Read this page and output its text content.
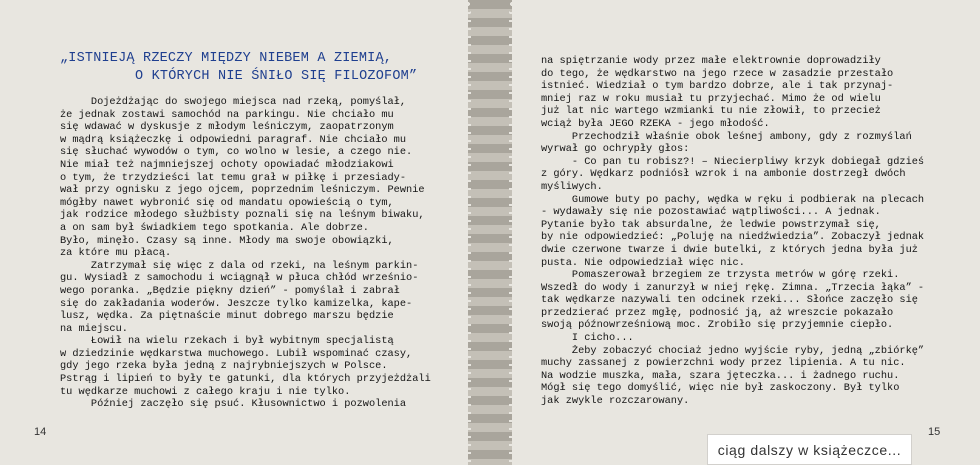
„ISTNIEJĄ RZECZY MIĘDZY NIEBEM A ZIEMIĄ,
O KTÓRYCH NIE ŚNIŁO SIĘ FILOZOFOM”

Dojeżdżając do swojego miejsca nad rzeką, pomyślał,

że jednak zostawi samochód na parkingu. Nie chciało mu

się wdawać w dyskusje z młodym leśniczym, zaopatrzonym

w mądrą książeczkę i odpowiedni paragraf. Nie chciało mu

się słuchać wywodów o tym, co wolno w lesie, a czego nie.

Nie miał też najmniejszej ochoty opowiadać młodziakowi

o tym, że trzydzieści lat temu grał w piłkę i przesiady-

wał przy ognisku z jego ojcem, poprzednim leśniczym. Pewnie

mógłby nawet wybronić się od mandatu opowieścią o tym,

jak rodzice młodego służbisty poznali się na leśnym biwaku,

a on sam był świadkiem tego spotkania. Ale dobrze.

Było, minęło. Czasy są inne. Młody ma swoje obowiązki,

za które mu płacą.

Zatrzymał się więc z dala od rzeki, na leśnym parkin-

gu. Wysiadł z samochodu i wciągnął w płuca chłód wrześnio-

wego poranka. „Będzie piękny dzień” - pomyślał i zabrał

się do zakładania woderów. Jeszcze tylko kamizelka, kape-

lusz, wędka. Za piętnaście minut dobrego marszu będzie

na miejscu.

Łowił na wielu rzekach i był wybitnym specjalistą

w dziedzinie wędkarstwa muchowego. Lubił wspominać czasy,

gdy jego rzeka była jedną z najrybniejszych w Polsce.

Pstrąg i lipień to były te gatunki, dla których przyjeżdżali

tu wędkarze muchowi z całego kraju i nie tylko.

Później zaczęło się psuć. Kłusownictwo i pozwolenia

14

na spiętrzanie wody przez małe elektrownie doprowadziły

do tego, że wędkarstwo na jego rzece w zasadzie przestało

istnieć. Wiedział o tym bardzo dobrze, ale i tak przynaj-

mniej raz w roku musiał tu przyjechać. Mimo że od wielu

już lat nic wartego wzmianki tu nie złowił, to przecież

wciąż była JEGO RZEKA - jego młodość.

Przechodził właśnie obok leśnej ambony, gdy z rozmyślań

wyrwał go ochrypły głos:

- Co pan tu robisz?! – Niecierpliwy krzyk dobiegał gdzieś

z góry. Wędkarz podniósł wzrok i na ambonie dostrzegł dwóch

myśliwych.

Gumowe buty po pachy, wędka w ręku i podbierak na plecach

- wydawały się nie pozostawiać wątpliwości... A jednak.

Pytanie było tak absurdalne, że ledwie powstrzymał się,

by nie odpowiedzieć: „Poluję na niedźwiedzia”. Zobaczył jednak

dwie czerwone twarze i dwie butelki, z których jedna była już

pusta. Nie odpowiedział więc nic.

Pomaszerował brzegiem ze trzysta metrów w górę rzeki.

Wszedł do wody i zanurzył w niej rękę. Zimna. „Trzecia łąka” -

tak wędkarze nazywali ten odcinek rzeki... Słońce zaczęło się

przedzierać przez mgłę, podnosić ją, aż wreszcie pokazało

swoją późnowrześniową moc. Zrobiło się przyjemnie ciepło.

I cicho...

Żeby zobaczyć chociaż jedno wyjście ryby, jedną „zbiórkę”

muchy zassanej z powierzchni wody przez lipienia. A tu nic.

Na wodzie muszka, mała, szara jęteczka... i żadnego ruchu.

Mógł się tego domyślić, więc nie był zaskoczony. Był tylko

jak zwykle rozczarowany.

15
ciąg dalszy w książeczce...
